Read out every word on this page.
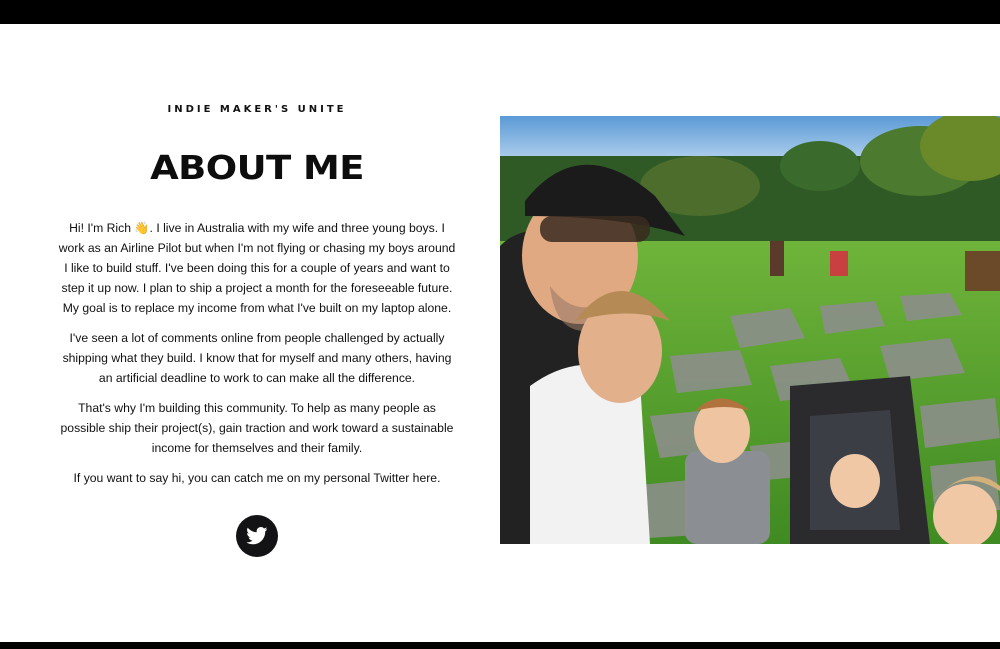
INDIE MAKER'S UNITE
ABOUT ME

Hi! I'm Rich 👋. I live in Australia with my wife and three young boys. I work as an Airline Pilot but when I'm not flying or chasing my boys around I like to build stuff. I've been doing this for a couple of years and want to step it up now. I plan to ship a project a month for the foreseeable future. My goal is to replace my income from what I've built on my laptop alone.

I've seen a lot of comments online from people challenged by actually shipping what they build. I know that for myself and many others, having an artificial deadline to work to can make all the difference.

That's why I'm building this community. To help as many people as possible ship their project(s), gain traction and work toward a sustainable income for themselves and their family.

If you want to say hi, you can catch me on my personal Twitter here.
